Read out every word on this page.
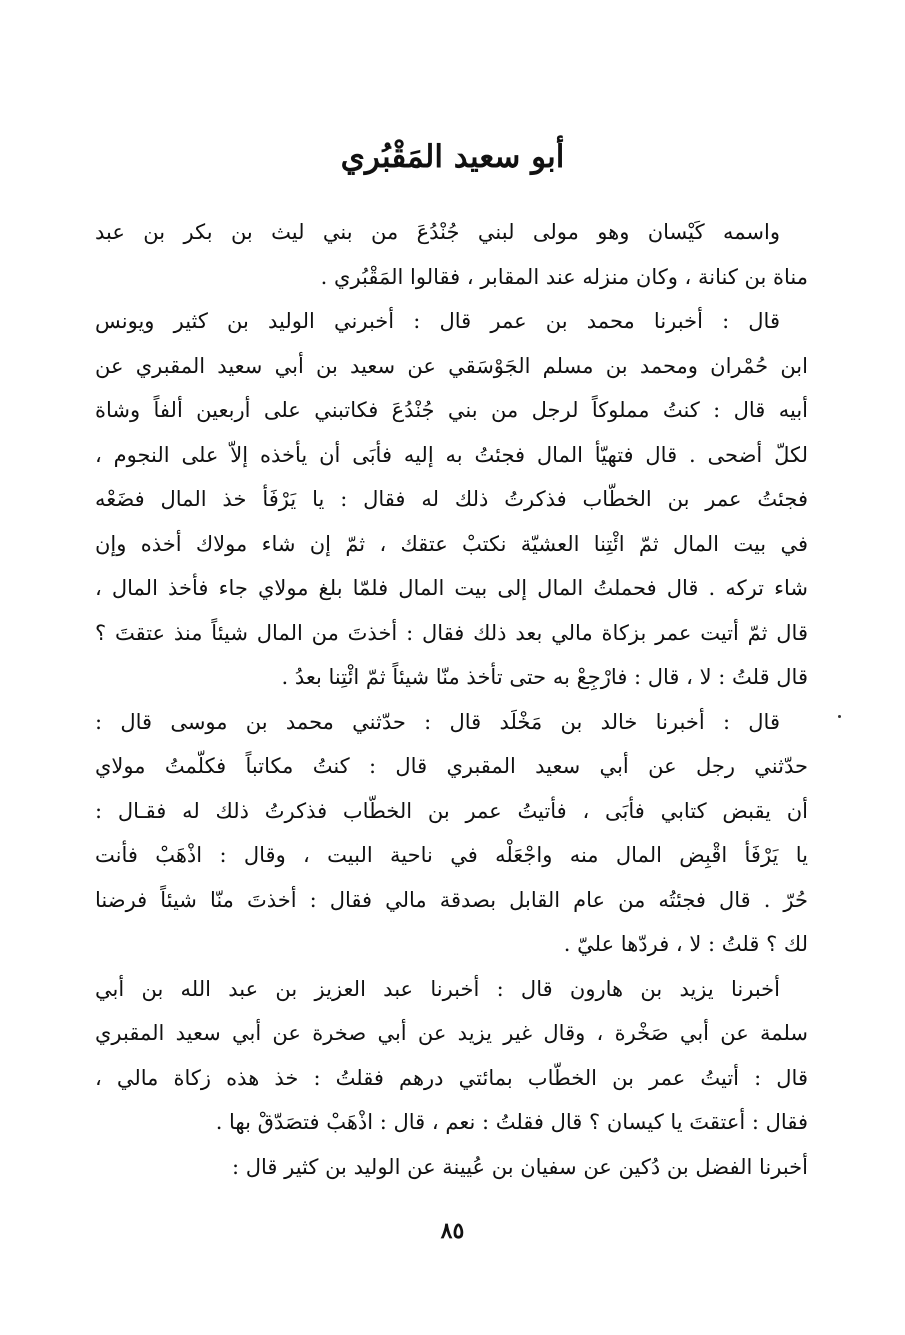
أبو سعيد المَقْبُري
واسمه كَيْسان وهو مولى لبني جُنْدُعَ من بني ليث بن بكر بن عبد
مناة بن كنانة ، وكان منزله عند المقابر ، فقالوا المَقْبُري .
قال : أخبرنا محمد بن عمر قال : أخبرني الوليد بن كثير ويونس
ابن حُمْران ومحمد بن مسلم الجَوْسَقي عن سعيد بن أبي سعيد المقبري عن
أبيه قال : كنتُ مملوكاً لرجل من بني جُنْدُعَ فكاتبني على أربعين ألفاً وشاة
لكلّ أضحى . قال فتهيّأ المال فجئتُ به إليه فأبَى أن يأخذه إلاّ على النجوم ،
فجئتُ عمر بن الخطّاب فذكرتُ ذلك له فقال : يا يَرْفَأ خذ المال فضَعْه
في بيت المال ثمّ ائْتِنا العشيّة نكتبْ عتقك ، ثمّ إن شاء مولاك أخذه وإن
شاء تركه . قال فحملتُ المال إلى بيت المال فلمّا بلغ مولاي جاء فأخذ المال ،
قال ثمّ أتيت عمر بزكاة مالي بعد ذلك فقال : أخذتَ من المال شيئاً منذ عتقتَ ؟
قال قلتُ : لا ، قال : فارْجِعْ به حتى تأخذ منّا شيئاً ثمّ ائْتِنا بعدُ .
قال : أخبرنا خالد بن مَخْلَد قال : حدّثني محمد بن موسى قال :
حدّثني رجل عن أبي سعيد المقبري قال : كنتُ مكاتباً فكلّمتُ مولاي
أن يقبض كتابي فأبَى ، فأتيتُ عمر بن الخطّاب فذكرتُ ذلك له فقـال :
يا يَرْفَأ اقْبِض المال منه واجْعَلْه في ناحية البيت ، وقال : اذْهَبْ فأنت
حُرّ . قال فجئتُه من عام القابل بصدقة مالي فقال : أخذتَ منّا شيئاً فرضنا
لك ؟ قلتُ : لا ، فردّها عليّ .
أخبرنا يزيد بن هارون قال : أخبرنا عبد العزيز بن عبد الله بن أبي
سلمة عن أبي صَخْرة ، وقال غير يزيد عن أبي صخرة عن أبي سعيد المقبري
قال : أتيتُ عمر بن الخطّاب بمائتي درهم فقلتُ : خذ هذه زكاة مالي ،
فقال : أعتقتَ يا كيسان ؟ قال فقلتُ : نعم ، قال : اذْهَبْ فتصَدّقْ بها .
أخبرنا الفضل بن دُكين عن سفيان بن عُيينة عن الوليد بن كثير قال :
٨٥
